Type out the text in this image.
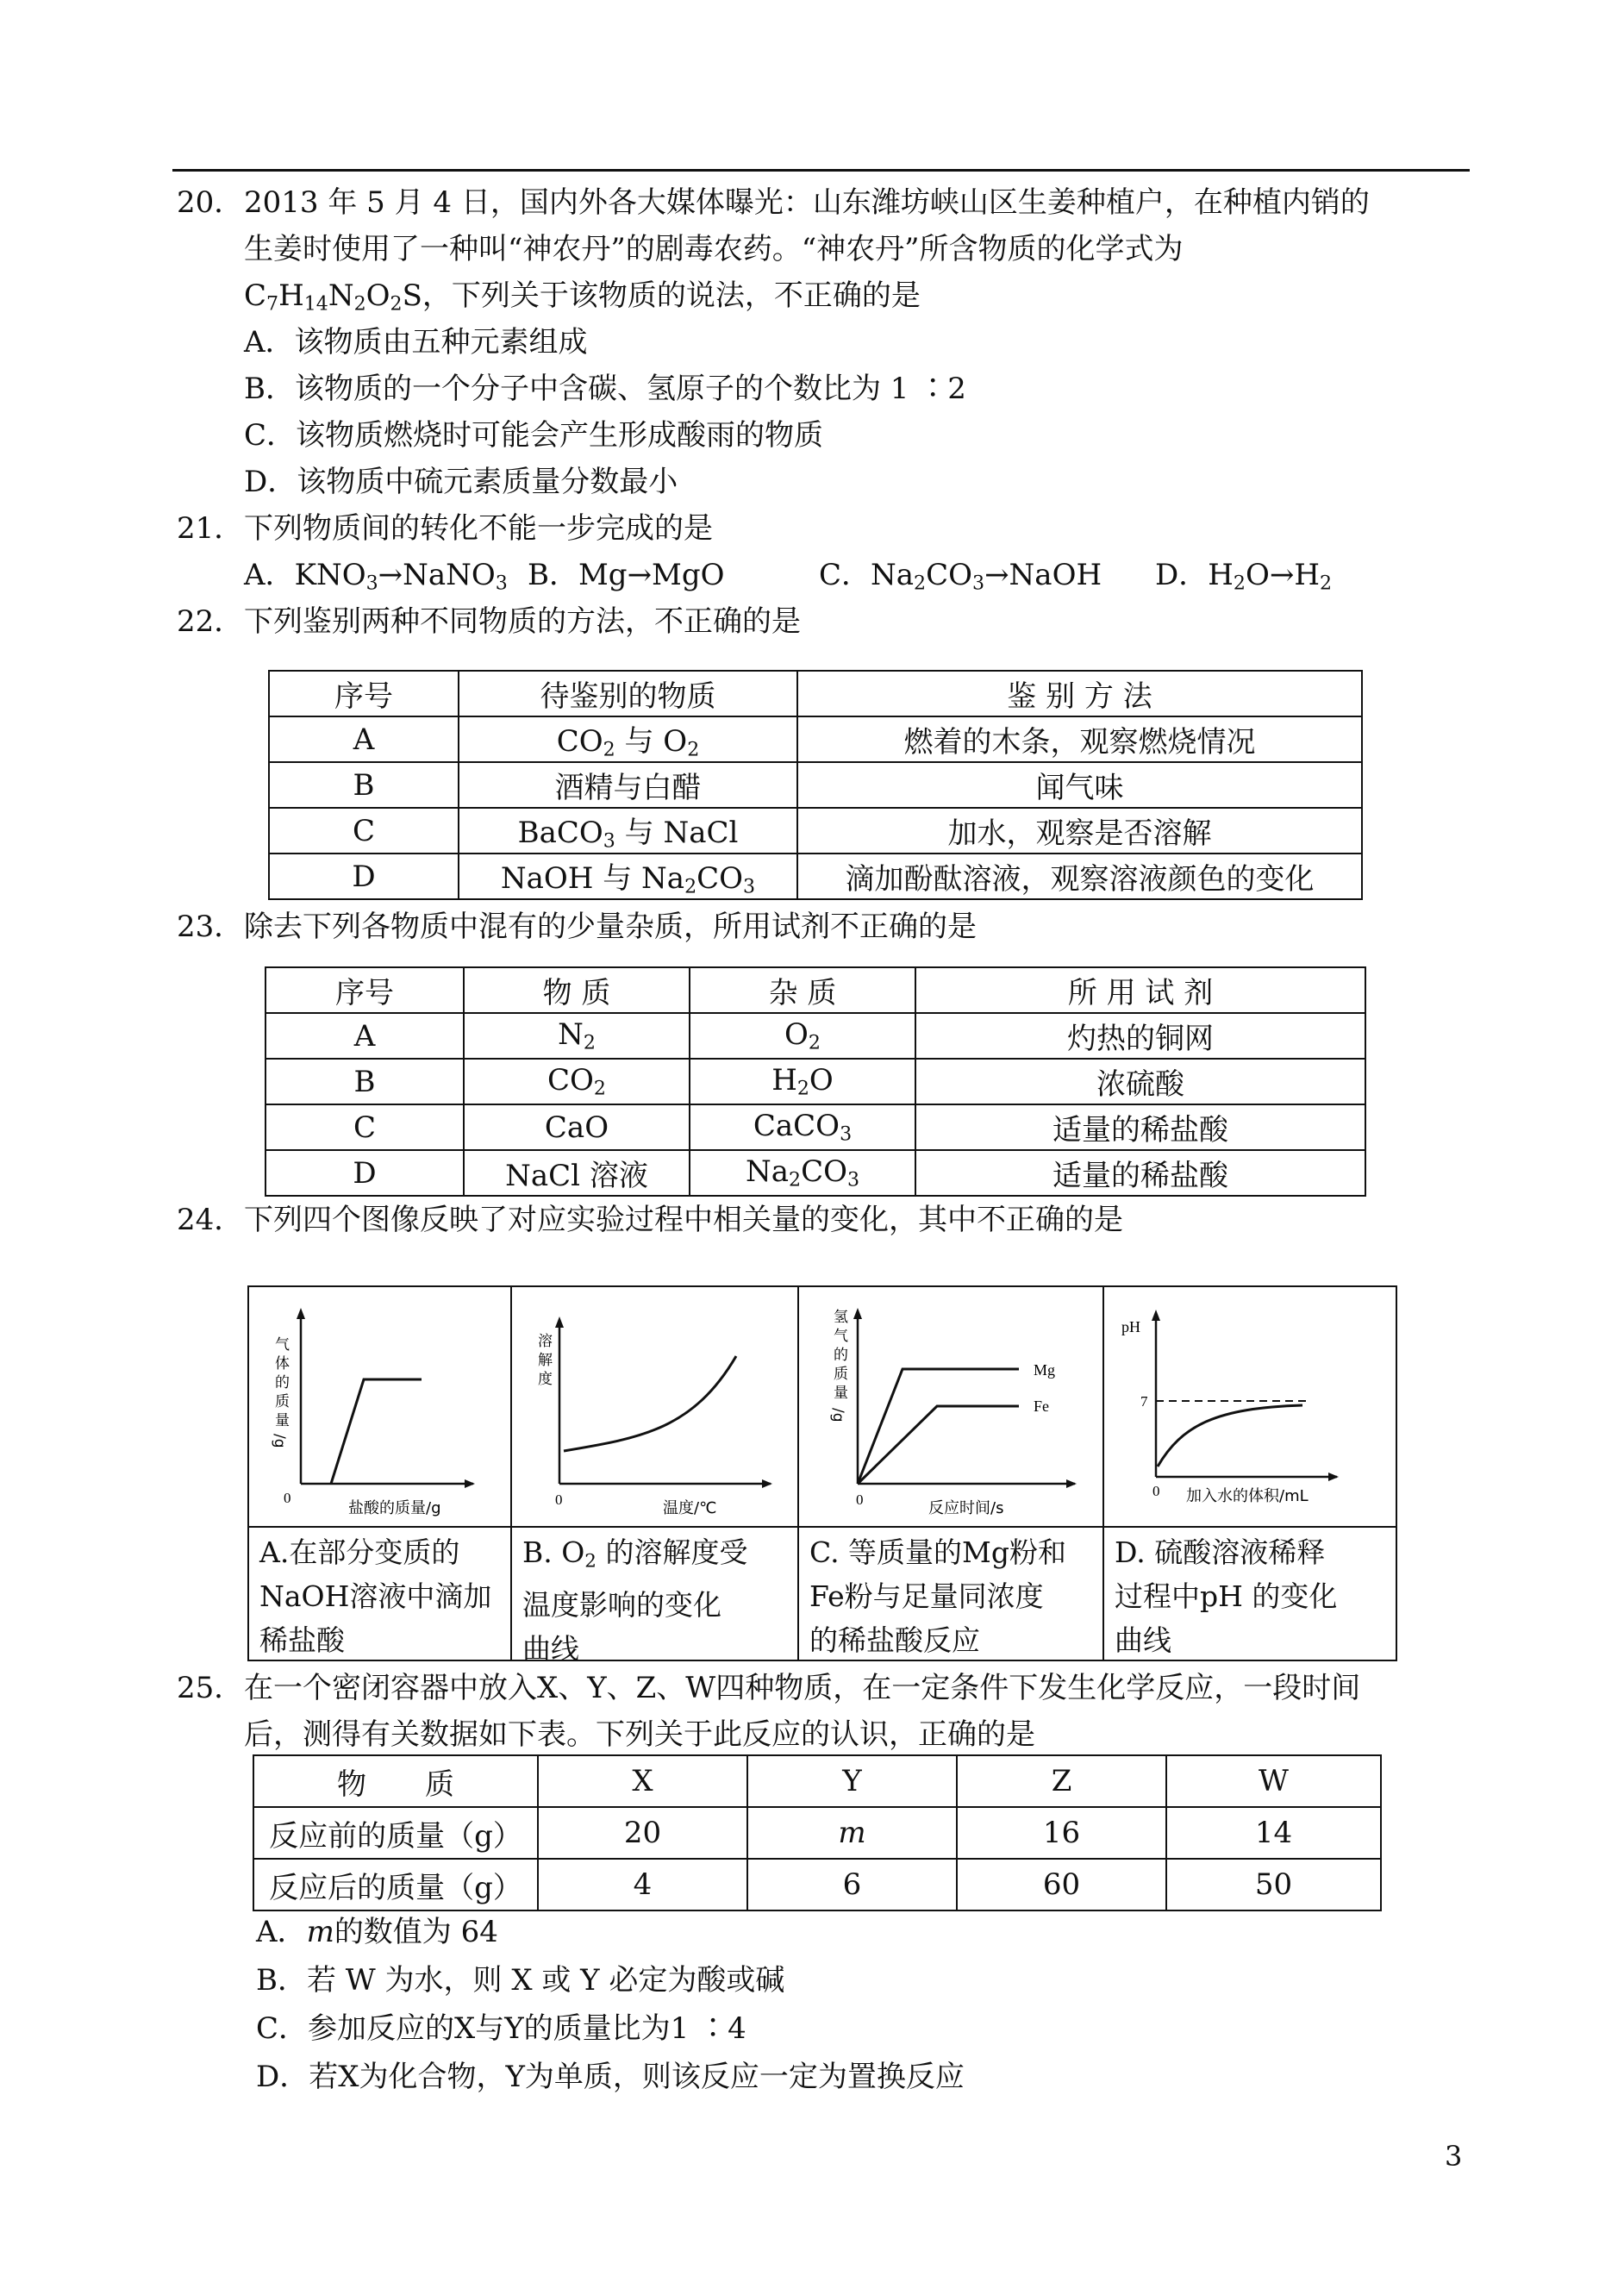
20． 2013 年 5 月 4 日，国内外各大媒体曝光：山东潍坊峡山区生姜种植户，在种植内销的
生姜时使用了一种叫“神农丹”的剧毒农药。“神农丹”所含物质的化学式为
$C_7H_{14}N_2O_2S$，下列关于该物质的说法，不正确的是
A．该物质由五种元素组成
B．该物质的一个分子中含碳、氢原子的个数比为 1 ∶2
C．该物质燃烧时可能会产生形成酸雨的物质
D．该物质中硫元素质量分数最小
21．下列物质间的转化不能一步完成的是
A．$KNO_3\to NaNO_3$ B．Mg→MgO	C．$Na_2CO_3\to NaOH$ D．$H_2O\to H_2$
22．下列鉴别两种不同物质的方法，不正确的是
序号	待鉴别的物质	鉴 别 方 法
A	$CO_2$ 与 $O_2$	燃着的木条，观察燃烧情况
B	酒精与白醋	闻气味
C	BaCO$_3$ 与 NaCl	加水，观察是否溶解
D	NaOH 与 $Na_2CO_3$	滴加酚酞溶液，观察溶液颜色的变化
23．除去下列各物质中混有的少量杂质，所用试剂不正确的是
序号	物 质	杂 质	所 用 试 剂
A	$N_2$	$O_2$	灼热的铜网
B	$CO_2$	$H_2O$	浓硫酸
C	CaO	CaCO$_3$	适量的稀盐酸
D	NaCl 溶液	$Na_2CO_3$	适量的稀盐酸
24．下列四个图像反映了对应实验过程中相关量的变化，其中不正确的是
0
盐酸的质量/g
气
体
的
质
量
/g
A.在部分变质的
NaOH溶液中滴加
稀盐酸
0	温度/℃
溶
解
度
B. $O_2$ 的溶解度受
温度影响的变化
曲线
Mg
Fe
0	反应时间/s
氢
气
的
质
量
/g
C. 等质量的Mg粉和
Fe粉与足量同浓度
的稀盐酸反应
pH
7
0 加入水的体积/mL
D. 硫酸溶液稀释
过程中pH 的变化
曲线
25．在一个密闭容器中放入X、Y、Z、W四种物质，在一定条件下发生化学反应，一段时间
后，测得有关数据如下表。下列关于此反应的认识，正确的是
物　　质	X	Y	Z	W
反应前的质量（g）	20	m	16	14
反应后的质量（g）	4	6	60	50
A．m的数值为 64
B．若 W 为水，则 X 或 Y 必定为酸或碱
C．参加反应的X与Y的质量比为1 ∶4
D．若X为化合物，Y为单质，则该反应一定为置换反应
3
